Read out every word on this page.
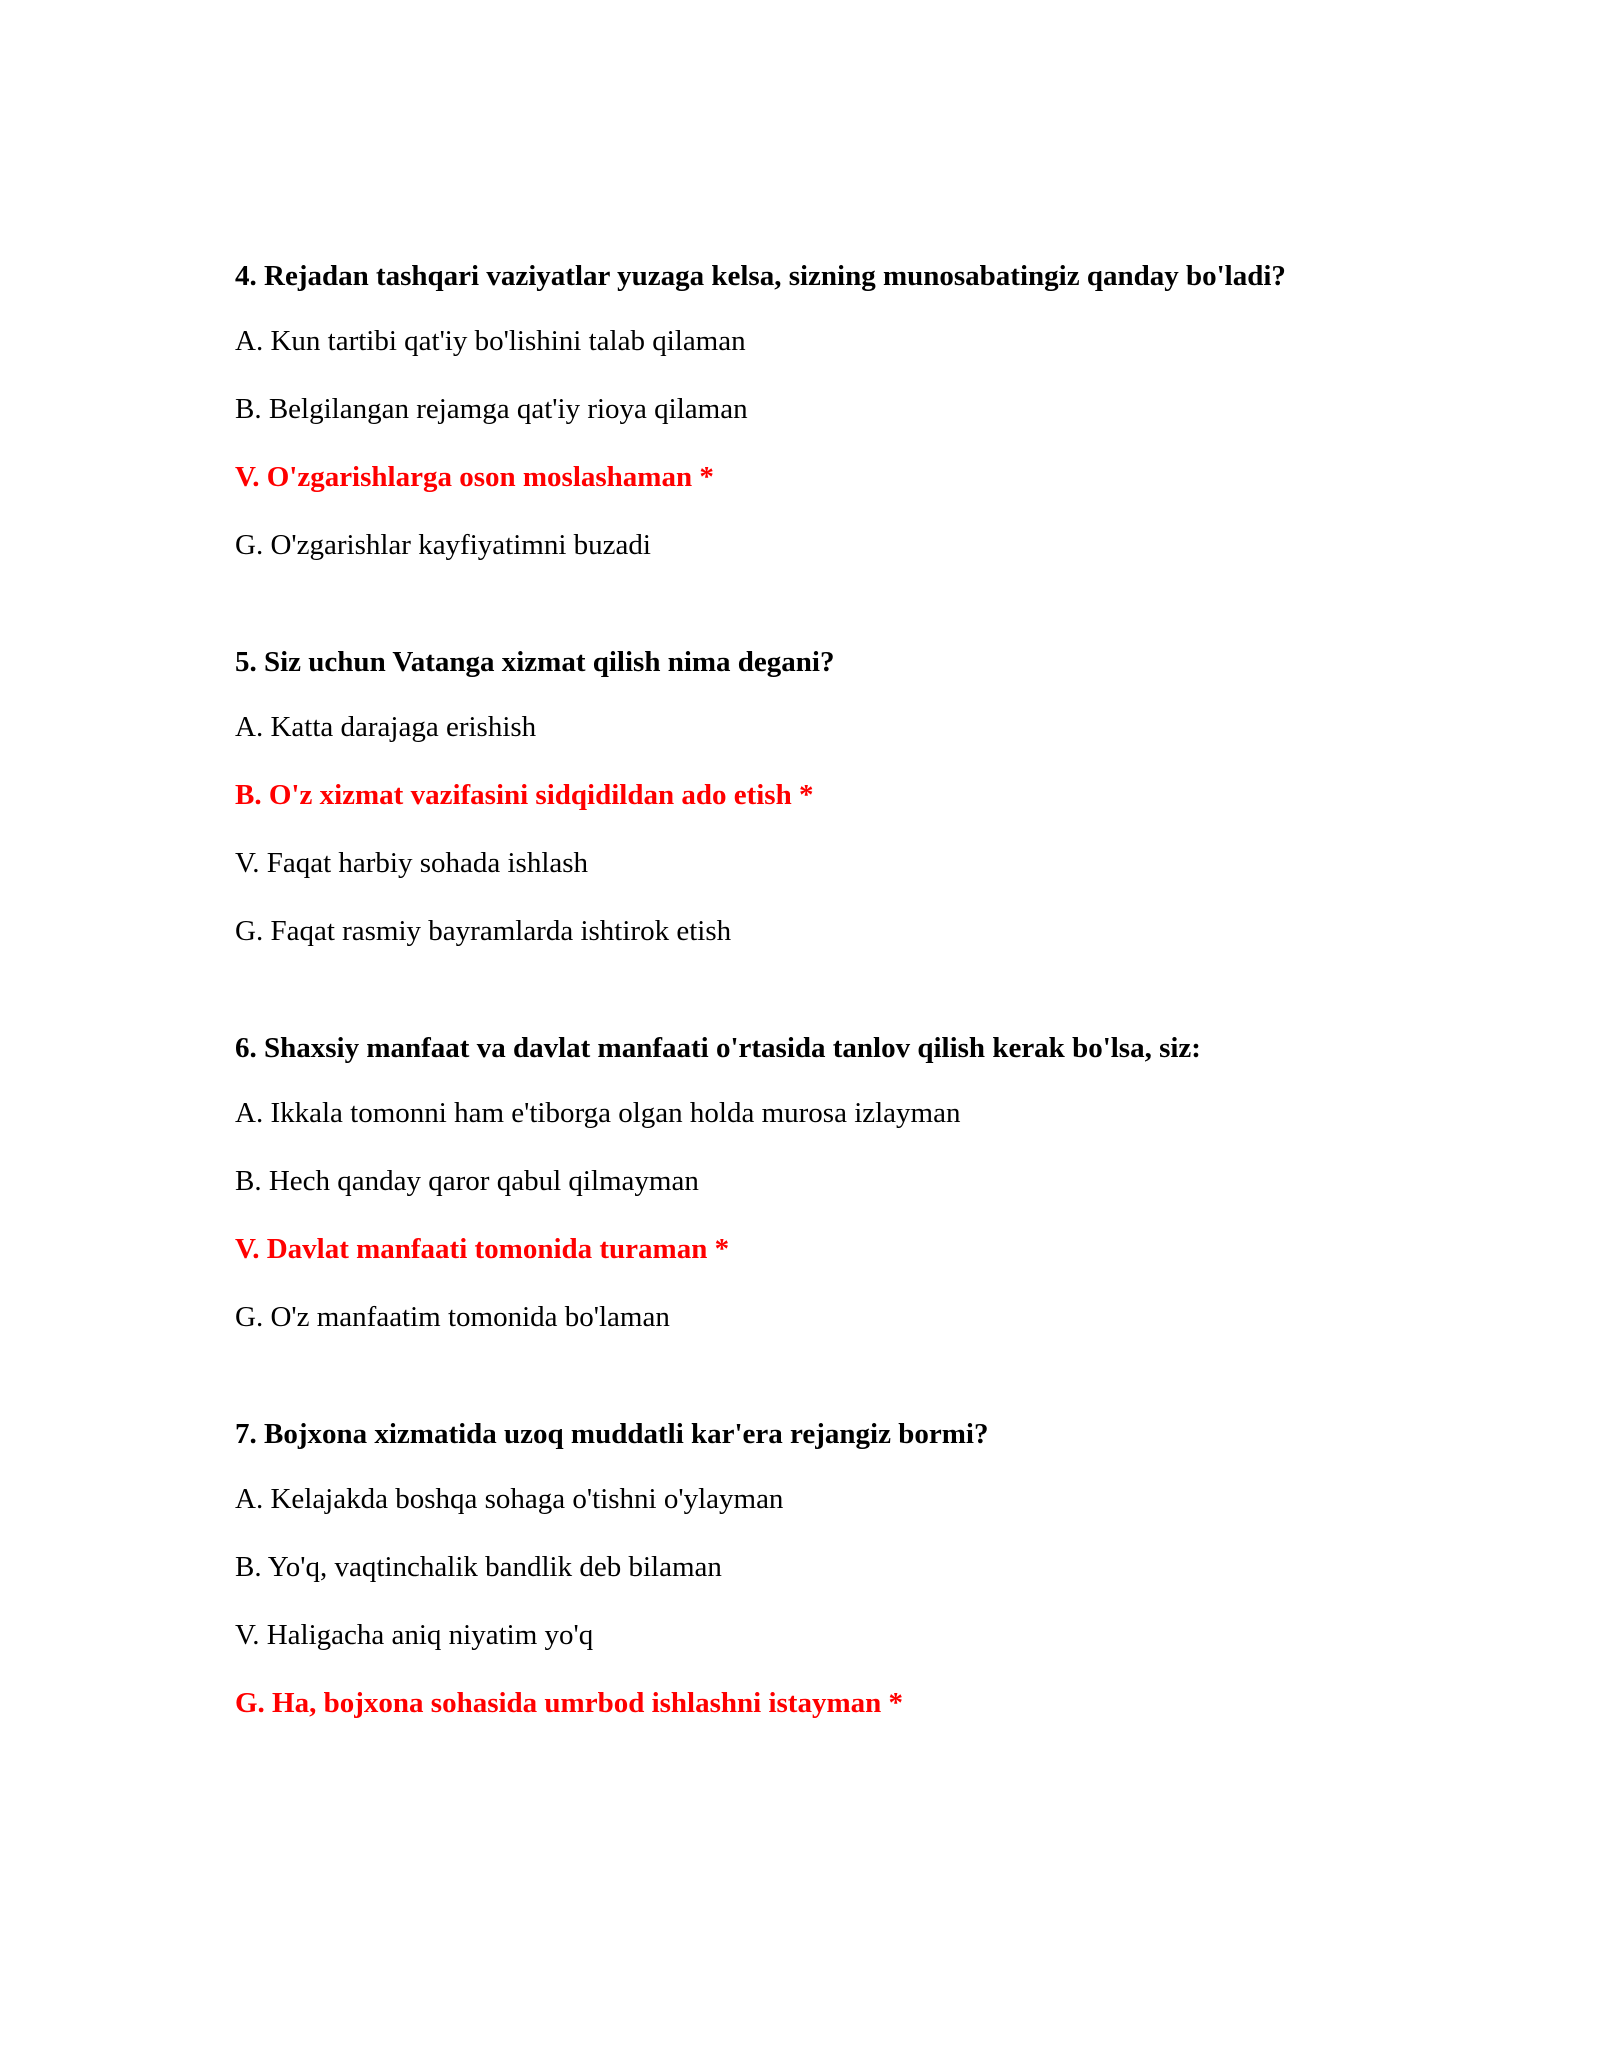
4. Rejadan tashqari vaziyatlar yuzaga kelsa, sizning munosabatingiz qanday bo'ladi?
A. Kun tartibi qat'iy bo'lishini talab qilaman
B. Belgilangan rejamga qat'iy rioya qilaman
V. O'zgarishlarga oson moslashaman *
G. O'zgarishlar kayfiyatimni buzadi
5. Siz uchun Vatanga xizmat qilish nima degani?
A. Katta darajaga erishish
B. O'z xizmat vazifasini sidqidildan ado etish *
V. Faqat harbiy sohada ishlash
G. Faqat rasmiy bayramlarda ishtirok etish
6. Shaxsiy manfaat va davlat manfaati o'rtasida tanlov qilish kerak bo'lsa, siz:
A. Ikkala tomonni ham e'tiborga olgan holda murosa izlayman
B. Hech qanday qaror qabul qilmayman
V. Davlat manfaati tomonida turaman *
G. O'z manfaatim tomonida bo'laman
7. Bojxona xizmatida uzoq muddatli kar'era rejangiz bormi?
A. Kelajakda boshqa sohaga o'tishni o'ylayman
B. Yo'q, vaqtinchalik bandlik deb bilaman
V. Haligacha aniq niyatim yo'q
G. Ha, bojxona sohasida umrbod ishlashni istayman *
